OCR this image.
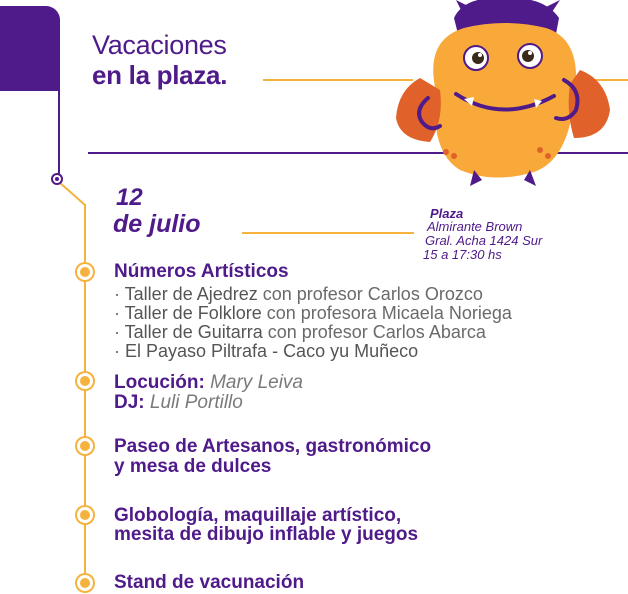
Vacaciones
en la plaza.
12
de julio	Plaza
Almirante Brown
Gral. Acha 1424 Sur
15 a 17:30 hs
Números Artísticos
· Taller de Ajedrez con profesor Carlos Orozco
· Taller de Folklore con profesora Micaela Noriega
· Taller de Guitarra con profesor Carlos Abarca
· El Payaso Piltrafa - Caco yu Muñeco
Locución: Mary Leiva
DJ: Luli Portillo
Paseo de Artesanos, gastronómico
y mesa de dulces
Globología, maquillaje artístico,
mesita de dibujo inflable y juegos
Stand de vacunación
